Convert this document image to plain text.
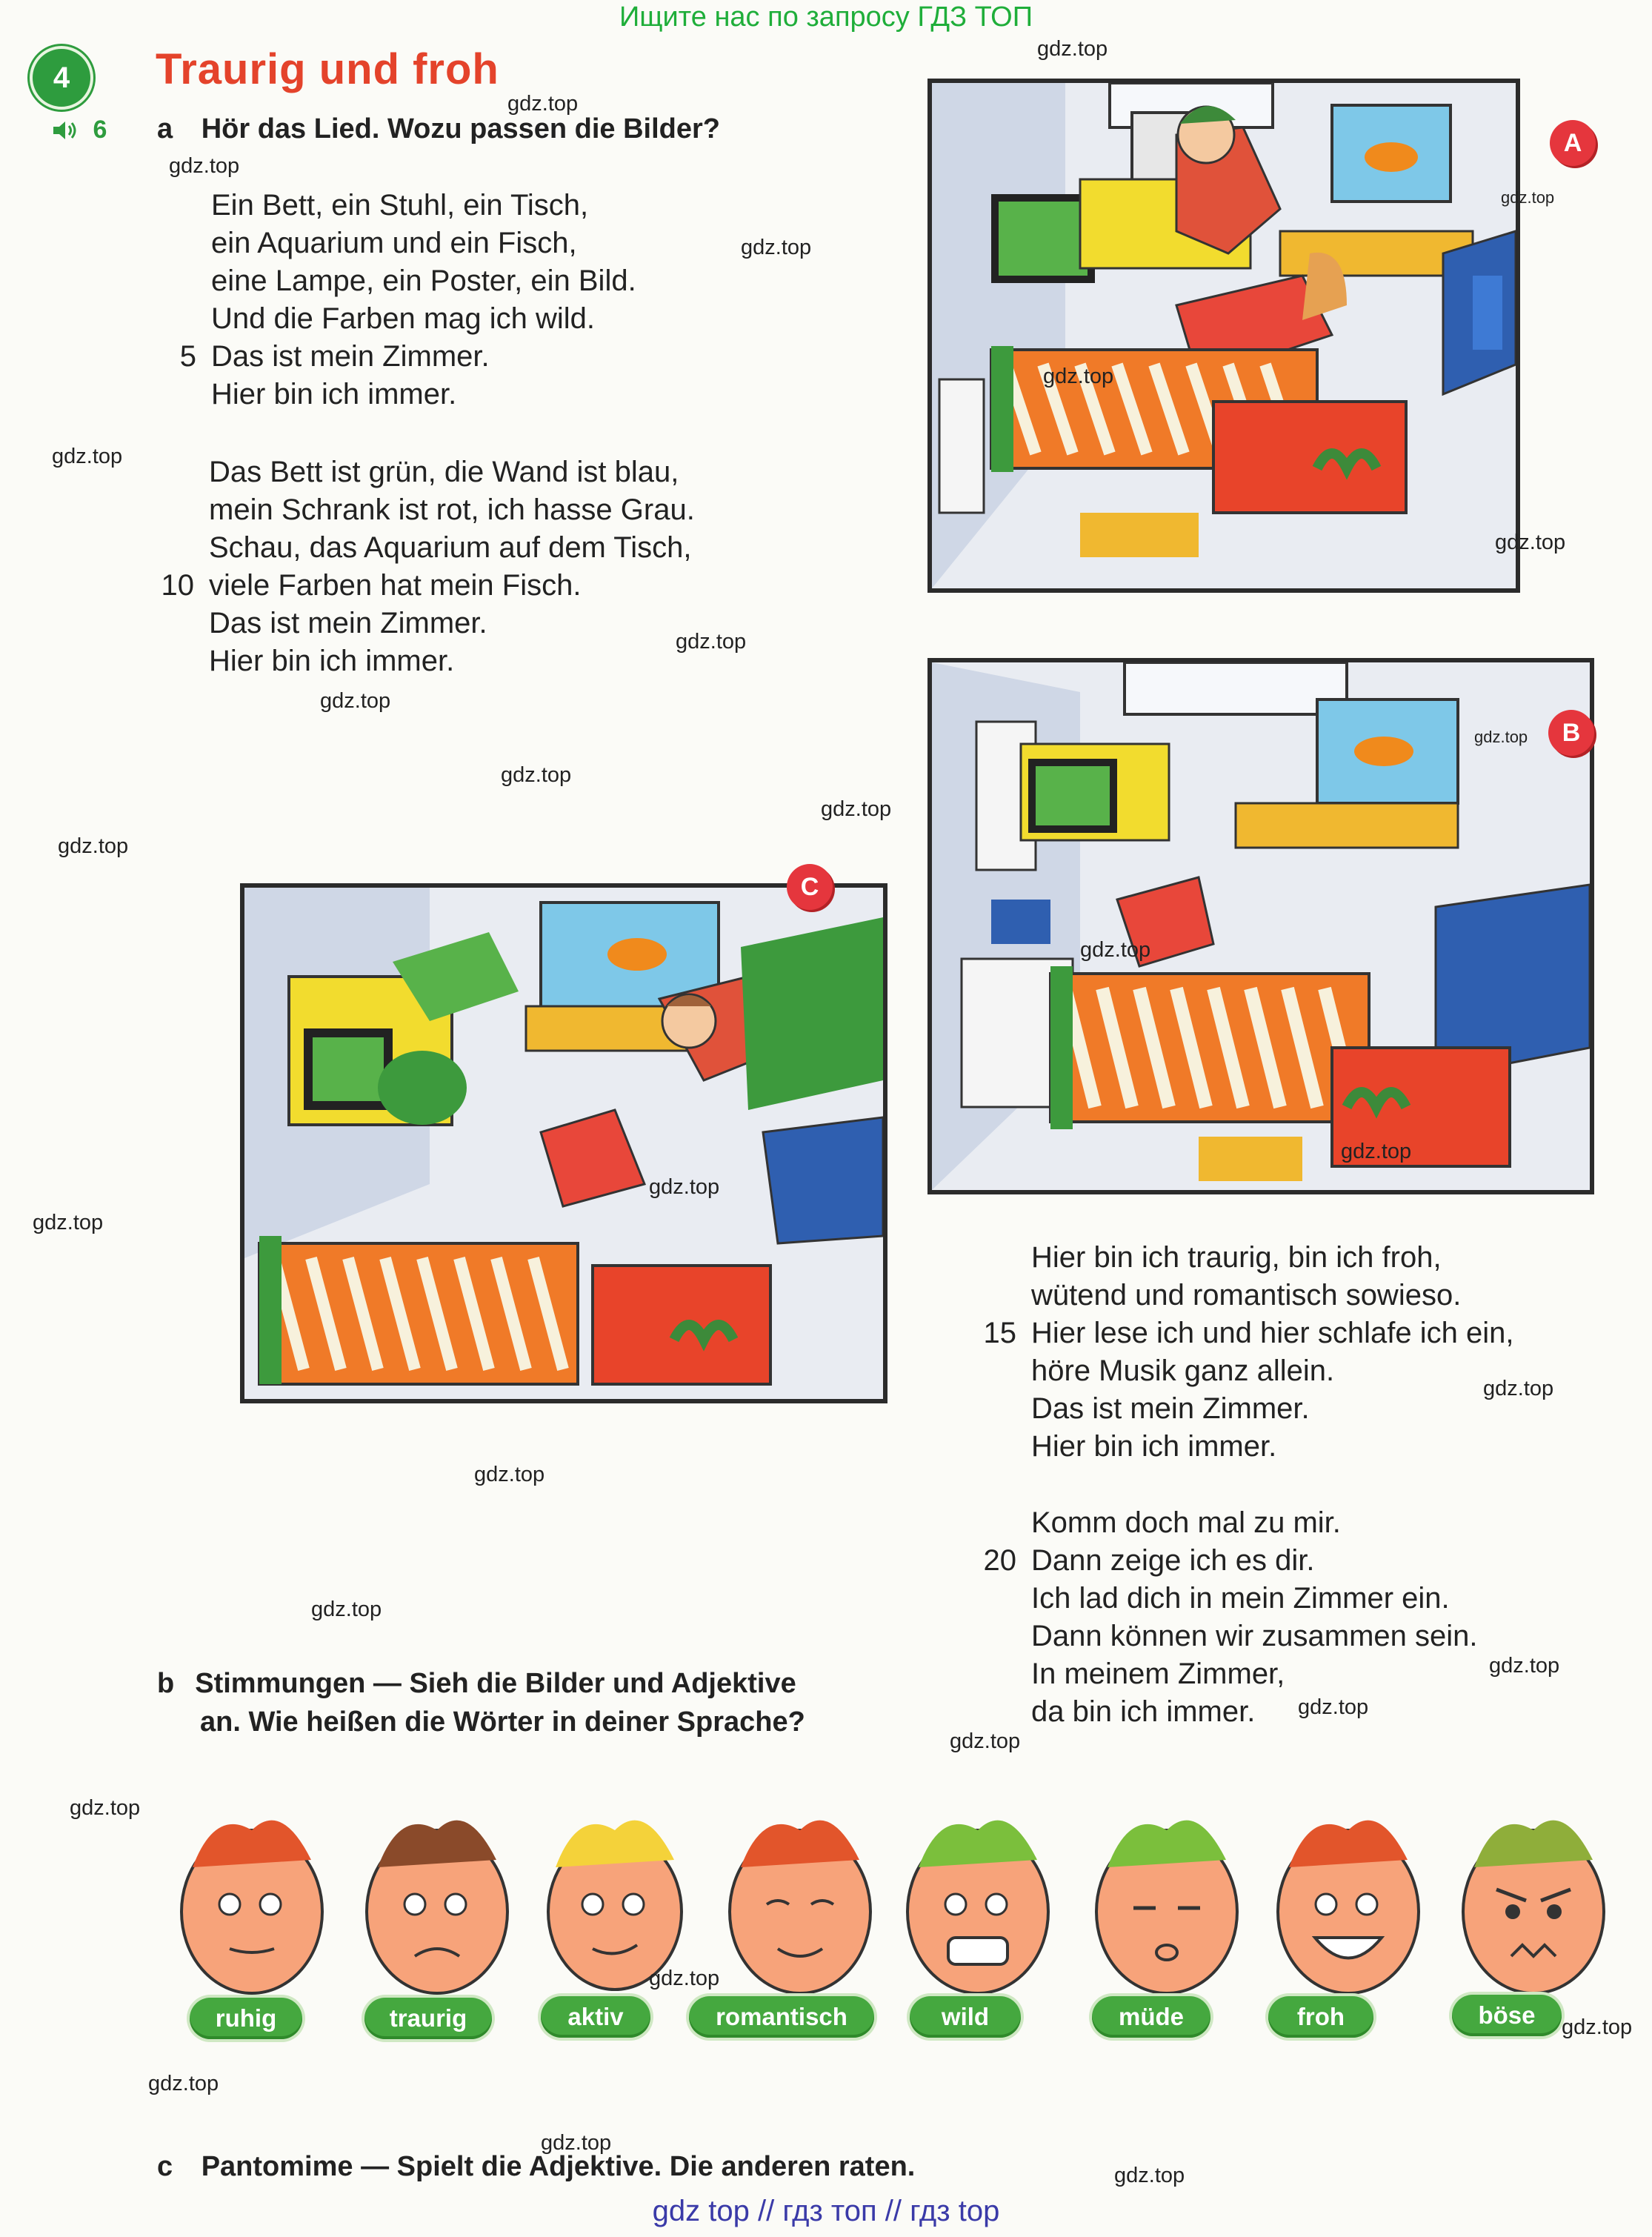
Ищите нас по запросу ГДЗ ТОП
gdz top // гдз топ // гдз top
4	Traurig und froh
6 a Hör das Lied. Wozu passen die Bilder?
Ein Bett, ein Stuhl, ein Tisch,
ein Aquarium und ein Fisch,
eine Lampe, ein Poster, ein Bild.
Und die Farben mag ich wild.
5 Das ist mein Zimmer.
Hier bin ich immer.
Das Bett ist grün, die Wand ist blau,
mein Schrank ist rot, ich hasse Grau.
Schau, das Aquarium auf dem Tisch,
10 viele Farben hat mein Fisch.
Das ist mein Zimmer.
Hier bin ich immer.
A
B
C
Hier bin ich traurig, bin ich froh,
wütend und romantisch sowieso.
15 Hier lese ich und hier schlafe ich ein,
höre Musik ganz allein.
Das ist mein Zimmer.
Hier bin ich immer.
Komm doch mal zu mir.
20 Dann zeige ich es dir.
Ich lad dich in mein Zimmer ein.
Dann können wir zusammen sein.
In meinem Zimmer,
da bin ich immer.
b Stimmungen — Sieh die Bilder und Adjektive
an. Wie heißen die Wörter in deiner Sprache?
ruhig	traurig	aktiv	romantisch	wild	müde	froh	böse
c Pantomime — Spielt die Adjektive. Die anderen raten.
gdz.top
gdz.top
gdz.top
gdz.top
gdz.top
gdz.top
gdz.top
gdz.top
gdz.top
gdz.top
gdz.top
gdz.top
gdz.top
gdz.top
gdz.top
gdz.top
gdz.top
gdz.top
gdz.top
gdz.top
gdz.top
gdz.top
gdz.top
gdz.top
gdz.top
gdz.top
gdz.top
gdz.top
gdz.top
gdz.top
